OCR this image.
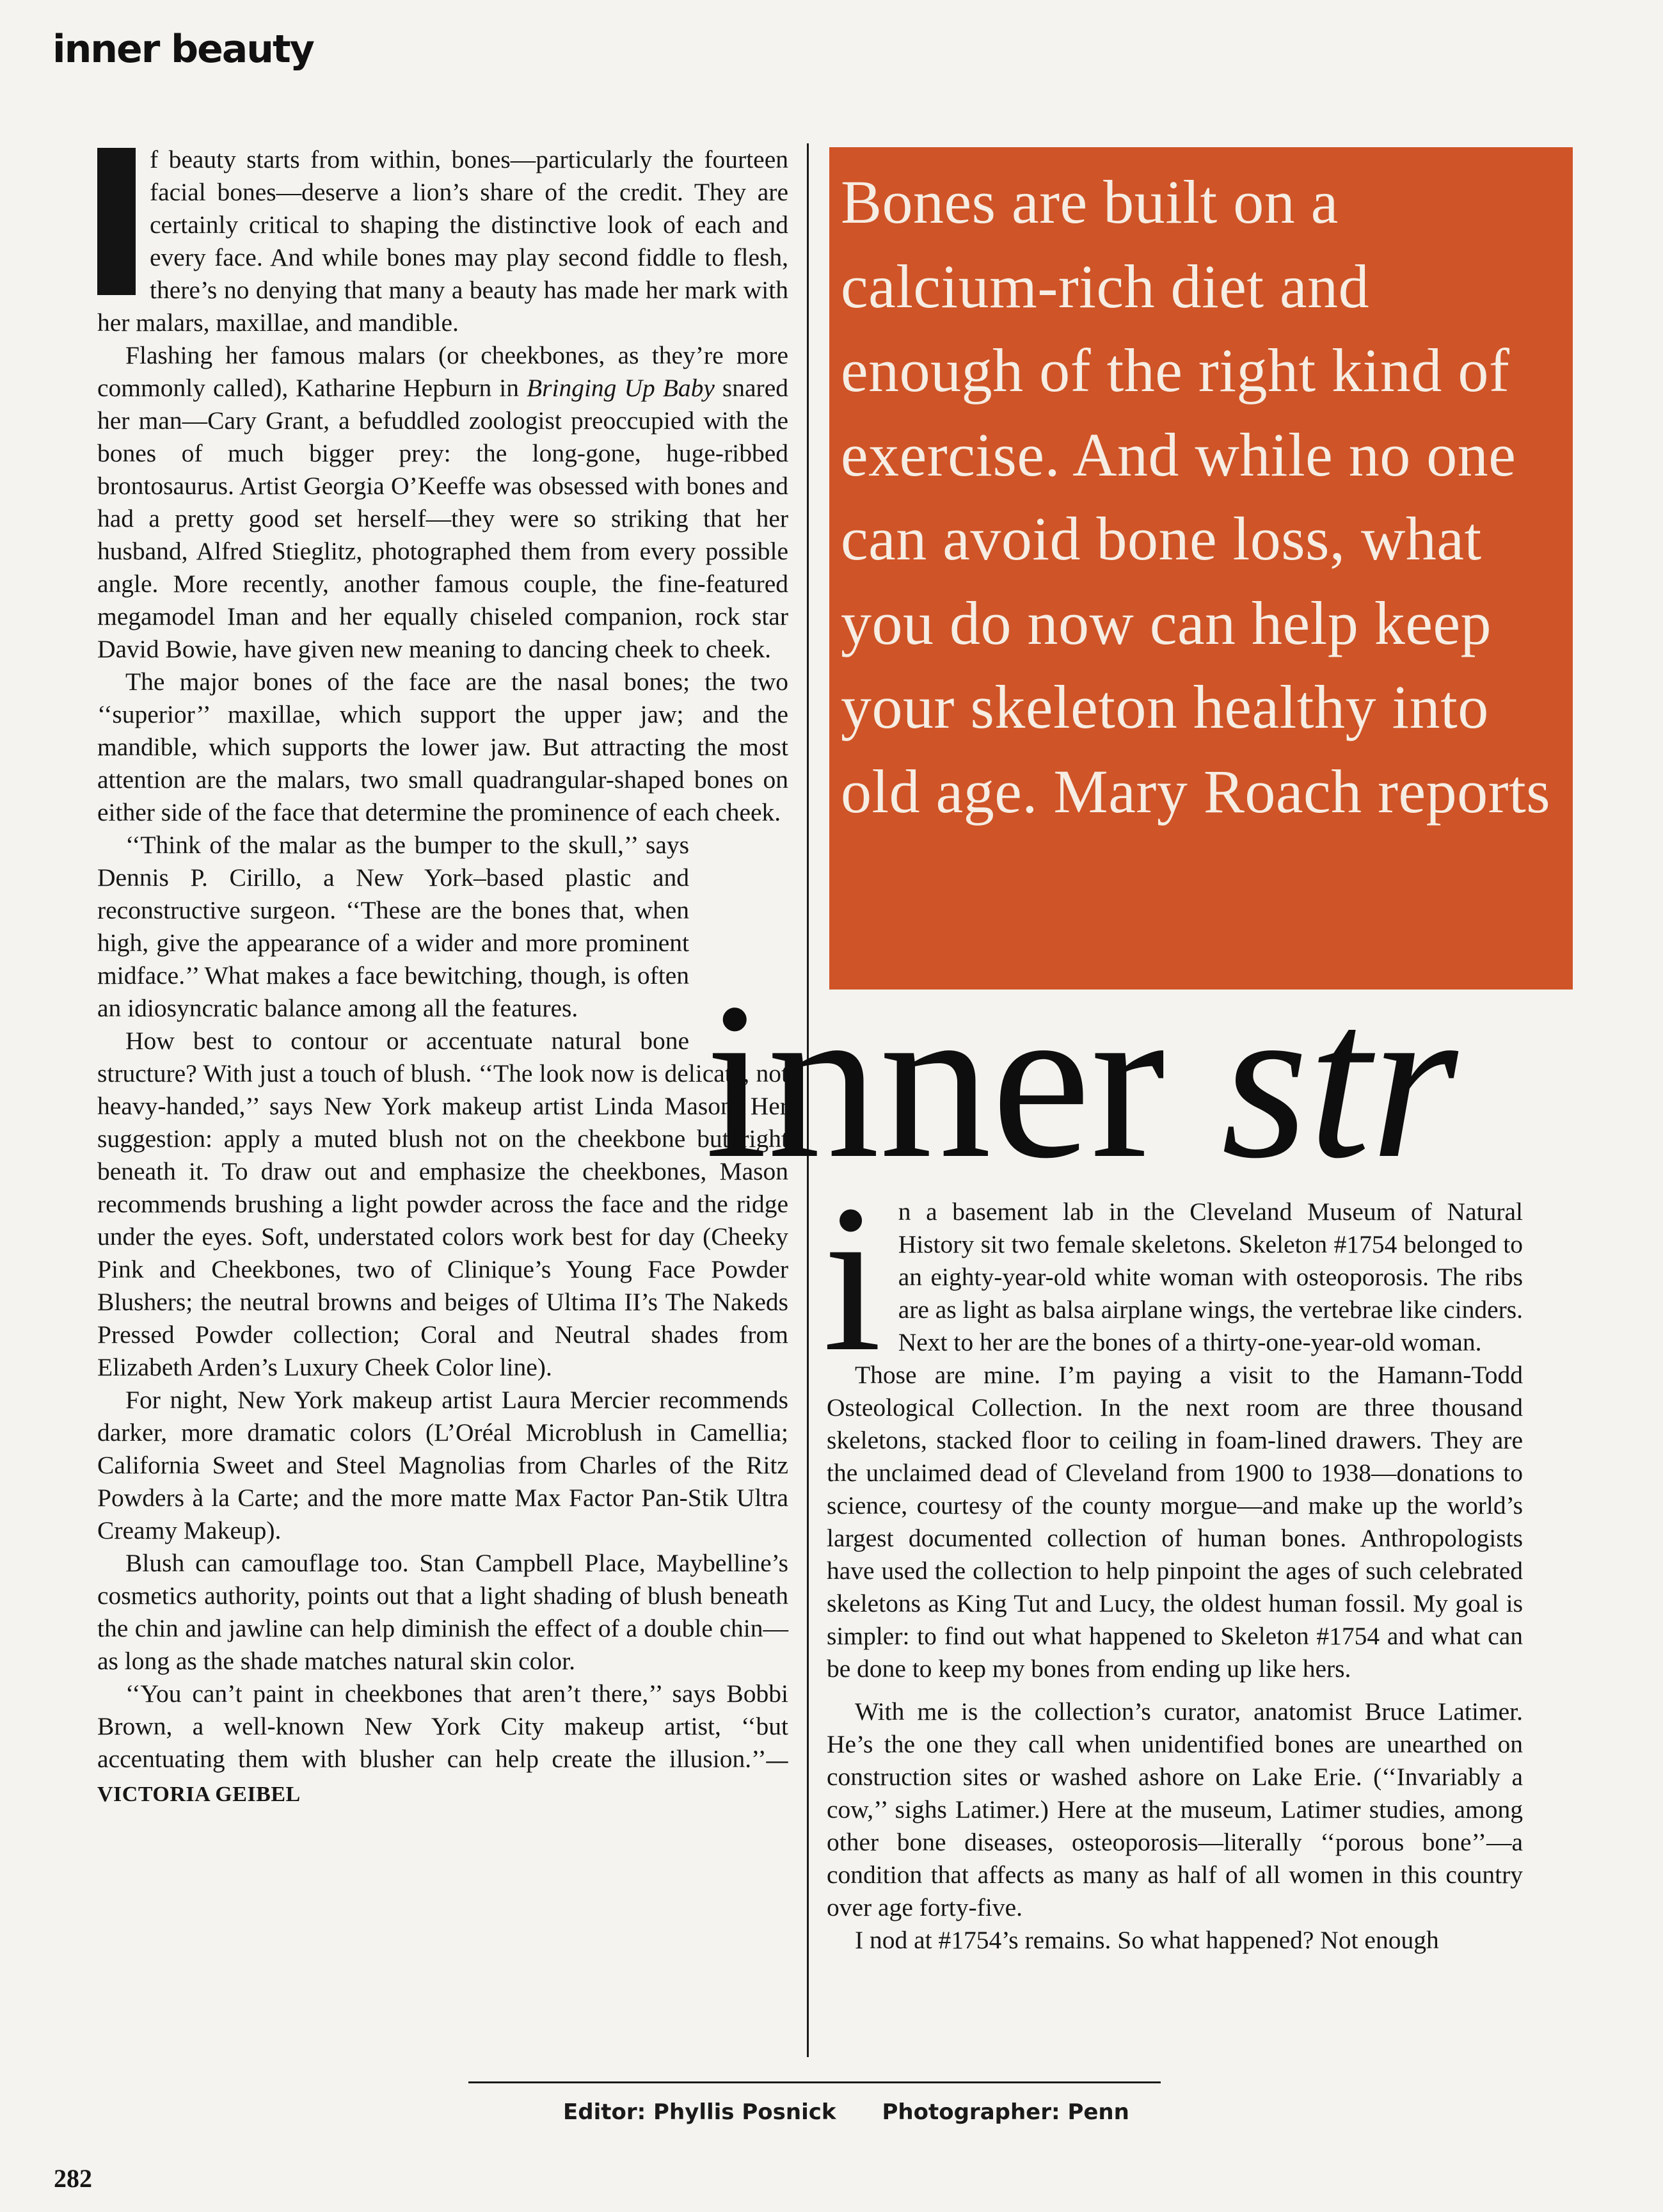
inner beauty

f beauty starts from within, bones—particularly the fourteen facial bones—deserve a lion’s share of the credit. They are certainly critical to shaping the distinctive look of each and every face. And while bones may play second fiddle to flesh, there’s no denying that many a beauty has made her mark with her malars, maxillae, and mandible.

Flashing her famous malars (or cheekbones, as they’re more commonly called), Katharine Hepburn in Bringing Up Baby snared her man—Cary Grant, a befuddled zoologist preoccupied with the bones of much bigger prey: the long-gone, huge-ribbed brontosaurus. Artist Georgia O’Keeffe was obsessed with bones and had a pretty good set herself—they were so striking that her husband, Alfred Stieglitz, photographed them from every possible angle. More recently, another famous couple, the fine-featured megamodel Iman and her equally chiseled companion, rock star David Bowie, have given new meaning to dancing cheek to cheek.

The major bones of the face are the nasal bones; the two ‘‘superior’’ maxillae, which support the upper jaw; and the mandible, which supports the lower jaw. But attracting the most attention are the malars, two small quadrangular-shaped bones on either side of the face that determine the prominence of each cheek.

‘‘Think of the malar as the bumper to the skull,’’ says Dennis P. Cirillo, a New York–based plastic and reconstructive surgeon. ‘‘These are the bones that, when high, give the appearance of a wider and more prominent midface.’’ What makes a face bewitching, though, is often an idiosyncratic balance among all the features.

How best to contour or accentuate natural bone structure? With just a touch of blush. ‘‘The look now is delicate, not heavy-handed,’’ says New York makeup artist Linda Mason. Her suggestion: apply a muted blush not on the cheekbone but right beneath it. To draw out and emphasize the cheekbones, Mason recommends brushing a light powder across the face and the ridge under the eyes. Soft, understated colors work best for day (Cheeky Pink and Cheekbones, two of Clinique’s Young Face Powder Blushers; the neutral browns and beiges of Ultima II’s The Nakeds Pressed Powder collection; Coral and Neutral shades from Elizabeth Arden’s Luxury Cheek Color line).

For night, New York makeup artist Laura Mercier recommends darker, more dramatic colors (L’Oréal Microblush in Camellia; California Sweet and Steel Magnolias from Charles of the Ritz Powders à la Carte; and the more matte Max Factor Pan-Stik Ultra Creamy Makeup).

Blush can camouflage too. Stan Campbell Place, Maybelline’s cosmetics authority, points out that a light shading of blush beneath the chin and jawline can help diminish the effect of a double chin—as long as the shade matches natural skin color.

‘‘You can’t paint in cheekbones that aren’t there,’’ says Bobbi Brown, a well-known New York City makeup artist, ‘‘but accentuating them with blusher can help create the illusion.’’—VICTORIA GEIBEL

Bones are built on a calcium-rich diet and enough of the right kind of exercise. And while no one can avoid bone loss, what you do now can help keep your skeleton healthy into old age. Mary Roach reports
inner str

in a basement lab in the Cleveland Museum of Natural History sit two female skeletons. Skeleton #1754 belonged to an eighty-year-old white woman with osteoporosis. The ribs are as light as balsa airplane wings, the vertebrae like cinders. Next to her are the bones of a thirty-one-year-old woman.

Those are mine. I’m paying a visit to the Hamann-Todd Osteological Collection. In the next room are three thousand skeletons, stacked floor to ceiling in foam-lined drawers. They are the unclaimed dead of Cleveland from 1900 to 1938—donations to science, courtesy of the county morgue—and make up the world’s largest documented collection of human bones. Anthropologists have used the collection to help pinpoint the ages of such celebrated skeletons as King Tut and Lucy, the oldest human fossil. My goal is simpler: to find out what happened to Skeleton #1754 and what can be done to keep my bones from ending up like hers.

With me is the collection’s curator, anatomist Bruce Latimer. He’s the one they call when unidentified bones are unearthed on construction sites or washed ashore on Lake Erie. (‘‘Invariably a cow,’’ sighs Latimer.) Here at the museum, Latimer studies, among other bone diseases, osteoporosis—literally ‘‘porous bone’’—a condition that affects as many as half of all women in this country over age forty-five.

I nod at #1754’s remains. So what happened? Not enough

Editor: Phyllis Posnick Photographer: Penn
282
